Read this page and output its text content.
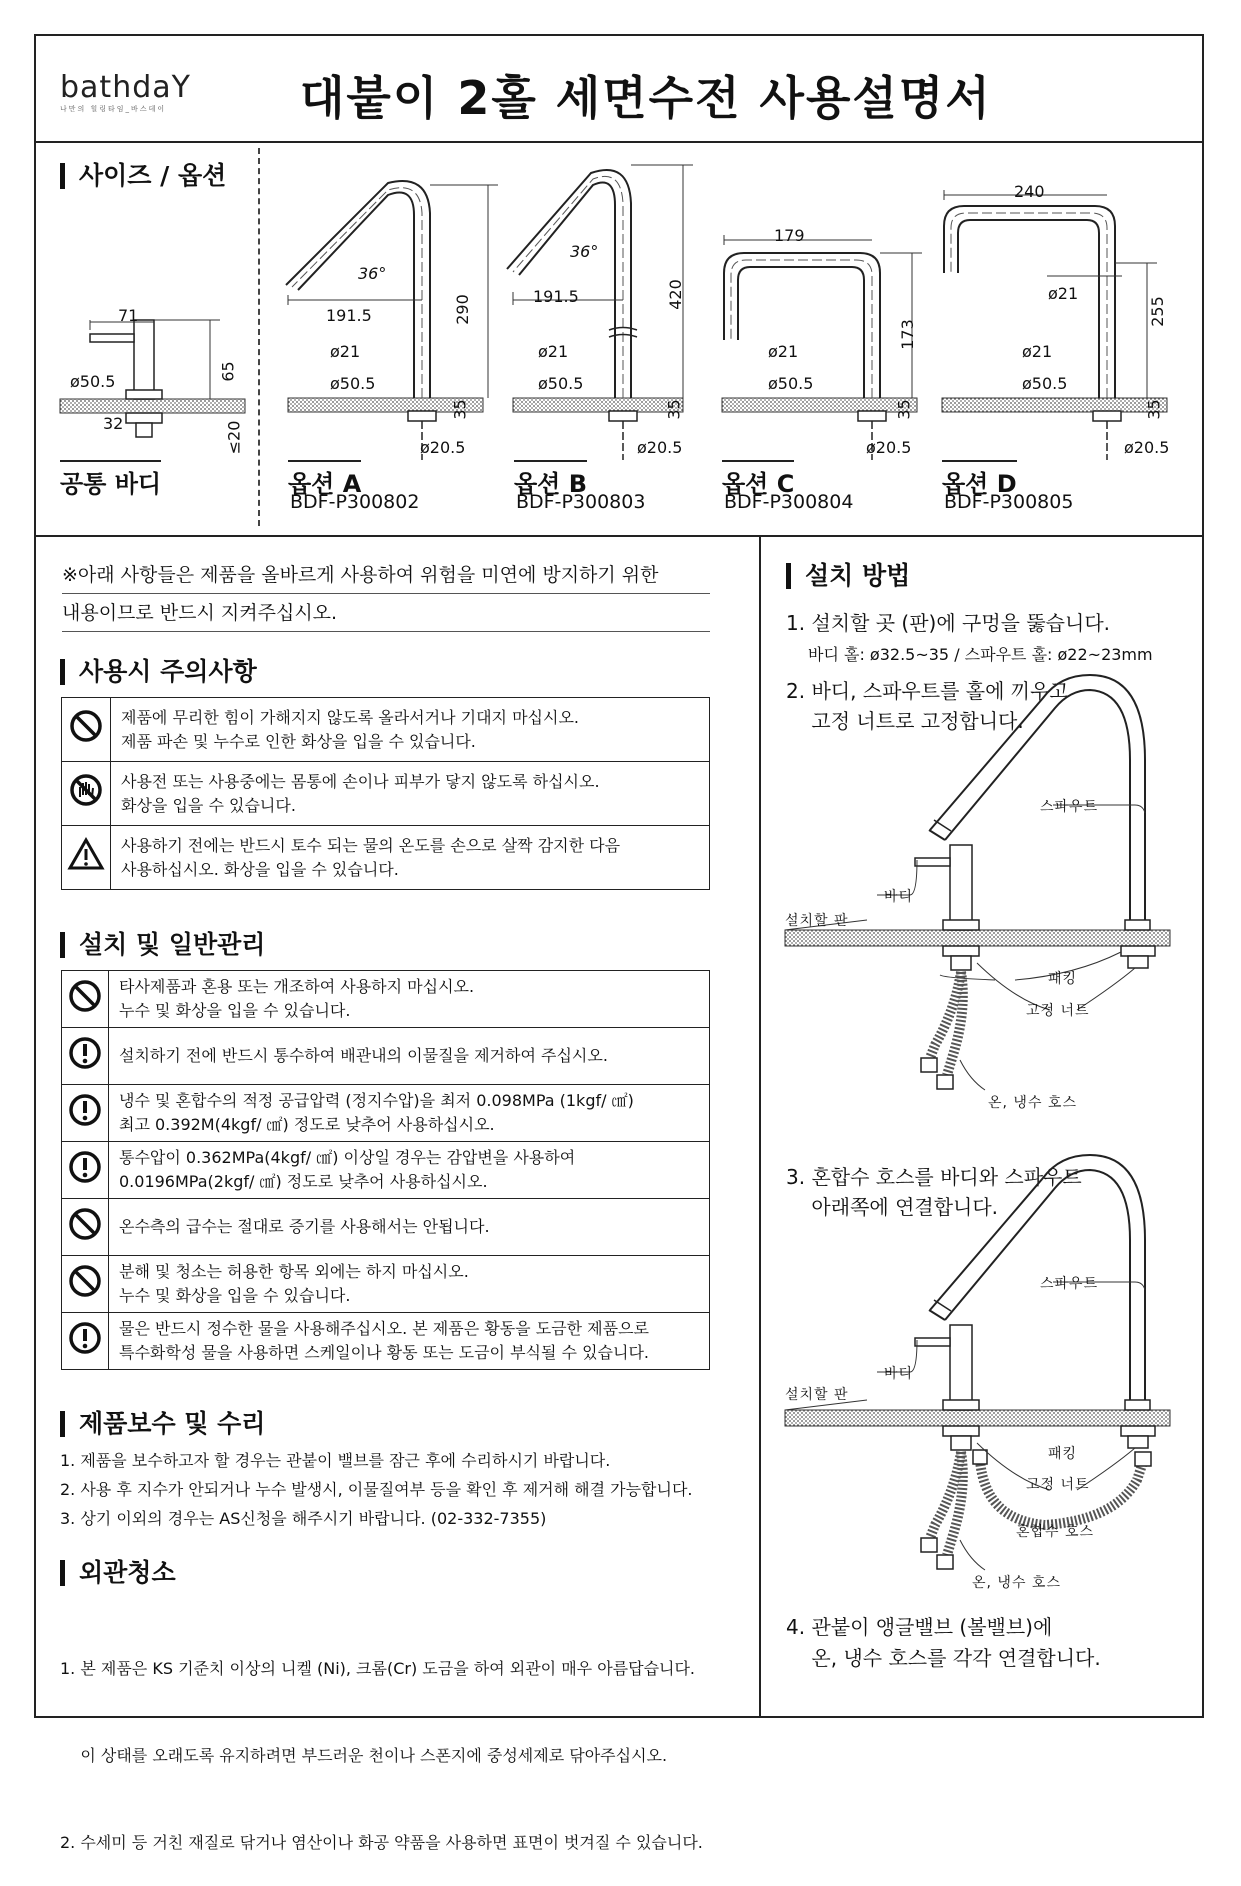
bathdaY
나만의 힐링타임_바스데이	대붙이 2홀 세면수전 사용설명서
사이즈 / 옵션
71
ø50.5	65
32	≤20
공통 바디
36°
191.5	290
ø21
ø50.5
35
ø20.5
옵션 A
BDF-P300802
36°
191.5	420
ø21
ø50.5
35
ø20.5
옵션 B
BDF-P300803
179
173
ø21
ø50.5
35
ø20.5
옵션 C
BDF-P300804
240
ø21
255
ø21
ø50.5
35
ø20.5
옵션 D
BDF-P300805
※아래 사항들은 제품을 올바르게 사용하여 위험을 미연에 방지하기 위한
내용이므로 반드시 지켜주십시오.
사용시 주의사항
	제품에 무리한 힘이 가해지지 않도록 올라서거나 기대지 마십시오.
제품 파손 및 누수로 인한 화상을 입을 수 있습니다.
	사용전 또는 사용중에는 몸통에 손이나 피부가 닿지 않도록 하십시오.
화상을 입을 수 있습니다.
	사용하기 전에는 반드시 토수 되는 물의 온도를 손으로 살짝 감지한 다음
사용하십시오. 화상을 입을 수 있습니다.
설치 및 일반관리
	타사제품과 혼용 또는 개조하여 사용하지 마십시오.
누수 및 화상을 입을 수 있습니다.
	설치하기 전에 반드시 통수하여 배관내의 이물질을 제거하여 주십시오.
	냉수 및 혼합수의 적정 공급압력 (정지수압)을 최저 0.098MPa (1kgf/ ㎠)
최고 0.392M(4kgf/ ㎠) 정도로 낮추어 사용하십시오.
	통수압이 0.362MPa(4kgf/ ㎠) 이상일 경우는 감압변을 사용하여
0.0196MPa(2kgf/ ㎠) 정도로 낮추어 사용하십시오.
	온수측의 급수는 절대로 증기를 사용해서는 안됩니다.
	분해 및 청소는 허용한 항목 외에는 하지 마십시오.
누수 및 화상을 입을 수 있습니다.
	물은 반드시 정수한 물을 사용해주십시오. 본 제품은 황동을 도금한 제품으로
특수화학성 물을 사용하면 스케일이나 황동 또는 도금이 부식될 수 있습니다.
제품보수 및 수리
1. 제품을 보수하고자 할 경우는 관붙이 밸브를 잠근 후에 수리하시기 바랍니다.
2. 사용 후 지수가 안되거나 누수 발생시, 이물질여부 등을 확인 후 제거해 해결 가능합니다.
3. 상기 이외의 경우는 AS신청을 해주시기 바랍니다. (02-332-7355)
외관청소

1. 본 제품은 KS 기준치 이상의 니켈 (Ni), 크롬(Cr) 도금을 하여 외관이 매우 아름답습니다.

이 상태를 오래도록 유지하려면 부드러운 천이나 스폰지에 중성세제로 닦아주십시오.

2. 수세미 등 거친 재질로 닦거나 염산이나 화공 약품을 사용하면 표면이 벗겨질 수 있습니다.

설치 방법
1. 설치할 곳 (판)에 구멍을 뚫습니다.
바디 홀: ø32.5~35 / 스파우트 홀: ø22~23mm
2. 바디, 스파우트를 홀에 끼우고
고정 너트로 고정합니다.
스파우트
바디
설치할 판
패킹
고정 너트
온, 냉수 호스
3. 혼합수 호스를 바디와 스파우트
아래쪽에 연결합니다.
스파우트
바디
설치할 판
패킹
고정 너트
혼합수 호스
온, 냉수 호스
4. 관붙이 앵글밸브 (볼밸브)에
온, 냉수 호스를 각각 연결합니다.
